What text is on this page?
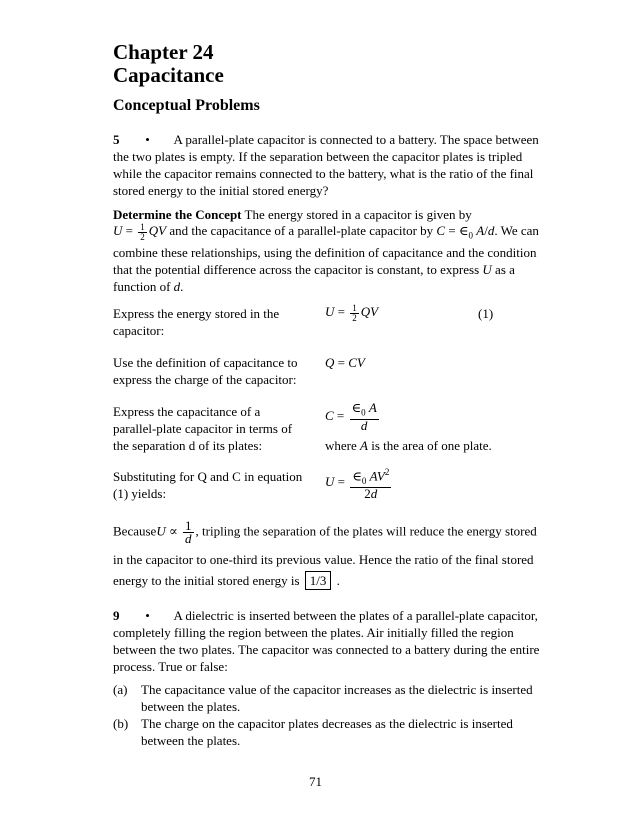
Chapter 24
Capacitance
Conceptual Problems
5 • A parallel-plate capacitor is connected to a battery. The space between
the two plates is empty. If the separation between the capacitor plates is tripled
while the capacitor remains connected to the battery, what is the ratio of the final
stored energy to the initial stored energy?
Determine the Concept The energy stored in a capacitor is given by
$U = \frac{1}{2}$ QV and the capacitance of a parallel-plate capacitor by $C = \in_0$ A/d. We can
combine these relationships, using the definition of capacitance and the condition
that the potential difference across the capacitor is constant, to express U as a
function of d.
Express the energy stored in the
capacitor:
$U = \frac{1}{2}$ QV	(1)
Use the definition of capacitance to
express the charge of the capacitor:
Q = CV
Express the capacitance of a
parallel-plate capacitor in terms of
the separation d of its plates:
$C = \frac{\in_0 A}{d}$
where A is the area of one plate.
Substituting for Q and C in equation
(1) yields:
$U = \frac{\in_0 AV^2}{2d}$
BecauseU ∝ $\frac{1}{d}$ , tripling the separation of the plates will reduce the energy stored
in the capacitor to one-third its previous value. Hence the ratio of the final stored
energy to the initial stored energy is 1/3 .
9 • A dielectric is inserted between the plates of a parallel-plate capacitor,
completely filling the region between the plates. Air initially filled the region
between the two plates. The capacitor was connected to a battery during the entire
process. True or false:
(a) The capacitance value of the capacitor increases as the dielectric is inserted
between the plates.
(b) The charge on the capacitor plates decreases as the dielectric is inserted
between the plates.
71
